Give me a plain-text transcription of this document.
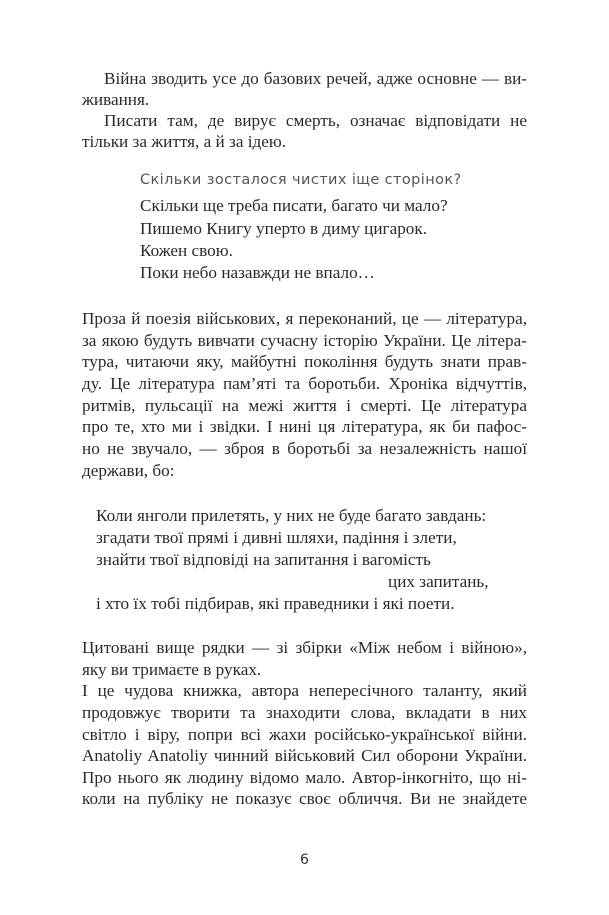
Війна зводить усе до базових речей, адже основне — ви-
живання.
Писати там, де вирує смерть, означає відповідати не
тільки за життя, а й за ідею.
Скільки зосталося чистих іще сторінок?
Скільки ще треба писати, багато чи мало?
Пишемо Книгу уперто в диму цигарок.
Кожен свою.
Поки небо назавжди не впало…
Проза й поезія військових, я переконаний, це — література,
за якою будуть вивчати сучасну історію України. Це літера-
тура, читаючи яку, майбутні покоління будуть знати прав-
ду. Це література пам’яті та боротьби. Хроніка відчуттів,
ритмів, пульсації на межі життя і смерті. Це література
про те, хто ми і звідки. І нині ця література, як би пафос-
но не звучало, — зброя в боротьбі за незалежність нашої
держави, бо:
Коли янголи прилетять, у них не буде багато завдань:
згадати твої прямі і дивні шляхи, падіння і злети,
знайти твої відповіді на запитання і вагомість
цих запитань,
і хто їх тобі підбирав, які праведники і які поети.
Цитовані вище рядки — зі збірки «Між небом і війною»,
яку ви тримаєте в руках.
І це чудова книжка, автора непересічного таланту, який
продовжує творити та знаходити слова, вкладати в них
світло і віру, попри всі жахи російсько-української війни.
Anatoliy Anatoliy чинний військовий Сил оборони України.
Про нього як людину відомо мало. Автор-інкогніто, що ні-
коли на публіку не показує своє обличчя. Ви не знайдете
6
